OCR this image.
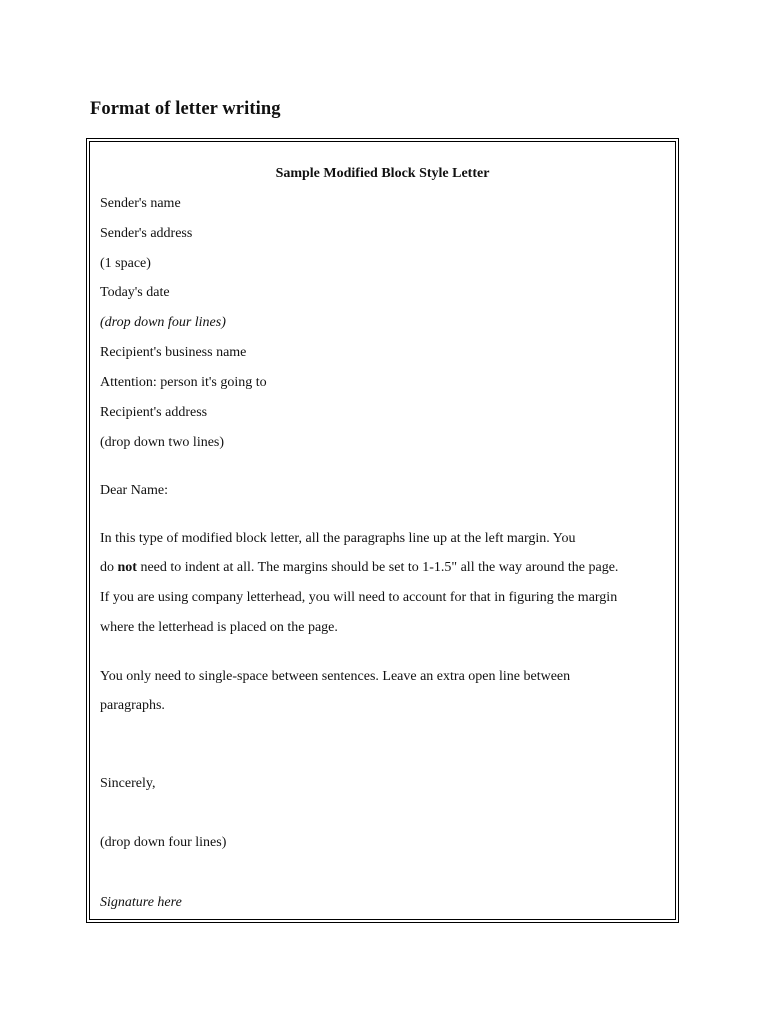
Format of letter writing
Sample Modified Block Style Letter
Sender's name
Sender's address
(1 space)
Today's date
(drop down four lines)
Recipient's business name
Attention: person it's going to
Recipient's address
(drop down two lines)
Dear Name:
In this type of modified block letter, all the paragraphs line up at the left margin. You
do not need to indent at all. The margins should be set to 1-1.5" all the way around the page.
If you are using company letterhead, you will need to account for that in figuring the margin
where the letterhead is placed on the page.
You only need to single-space between sentences. Leave an extra open line between
paragraphs.
Sincerely,
(drop down four lines)
Signature here
